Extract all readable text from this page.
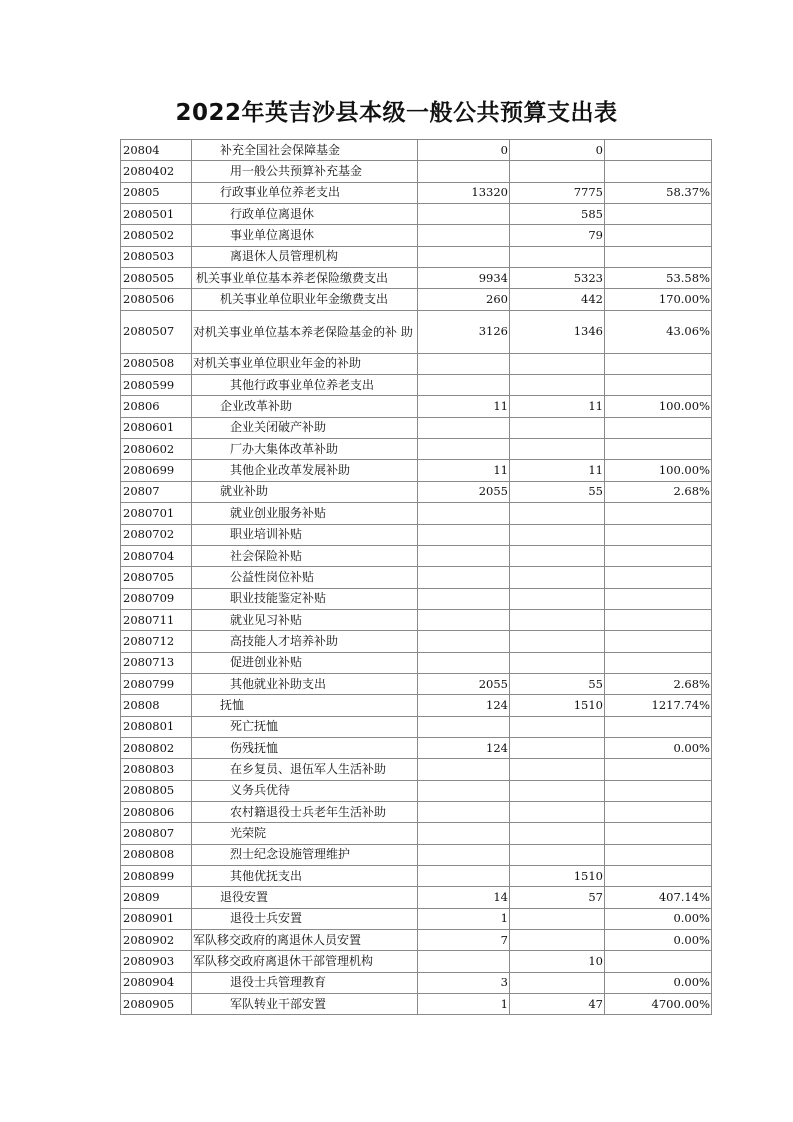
2022年英吉沙县本级一般公共预算支出表
20804	补充全国社会保障基金	0	0	
2080402	用一般公共预算补充基金			
20805	行政事业单位养老支出	13320	7775	58.37%
2080501	行政单位离退休		585	
2080502	事业单位离退休		79	
2080503	离退休人员管理机构			
2080505	机关事业单位基本养老保险缴费支出	9934	5323	53.58%
2080506	机关事业单位职业年金缴费支出	260	442	170.00%
2080507	对机关事业单位基本养老保险基金的补 助	3126	1346	43.06%
2080508	对机关事业单位职业年金的补助			
2080599	其他行政事业单位养老支出			
20806	企业改革补助	11	11	100.00%
2080601	企业关闭破产补助			
2080602	厂办大集体改革补助			
2080699	其他企业改革发展补助	11	11	100.00%
20807	就业补助	2055	55	2.68%
2080701	就业创业服务补贴			
2080702	职业培训补贴			
2080704	社会保险补贴			
2080705	公益性岗位补贴			
2080709	职业技能鉴定补贴			
2080711	就业见习补贴			
2080712	高技能人才培养补助			
2080713	促进创业补贴			
2080799	其他就业补助支出	2055	55	2.68%
20808	抚恤	124	1510	1217.74%
2080801	死亡抚恤			
2080802	伤残抚恤	124		0.00%
2080803	在乡复员、退伍军人生活补助			
2080805	义务兵优待			
2080806	农村籍退役士兵老年生活补助			
2080807	光荣院			
2080808	烈士纪念设施管理维护			
2080899	其他优抚支出		1510	
20809	退役安置	14	57	407.14%
2080901	退役士兵安置	1		0.00%
2080902	军队移交政府的离退休人员安置	7		0.00%
2080903	军队移交政府离退休干部管理机构		10	
2080904	退役士兵管理教育	3		0.00%
2080905	军队转业干部安置	1	47	4700.00%
